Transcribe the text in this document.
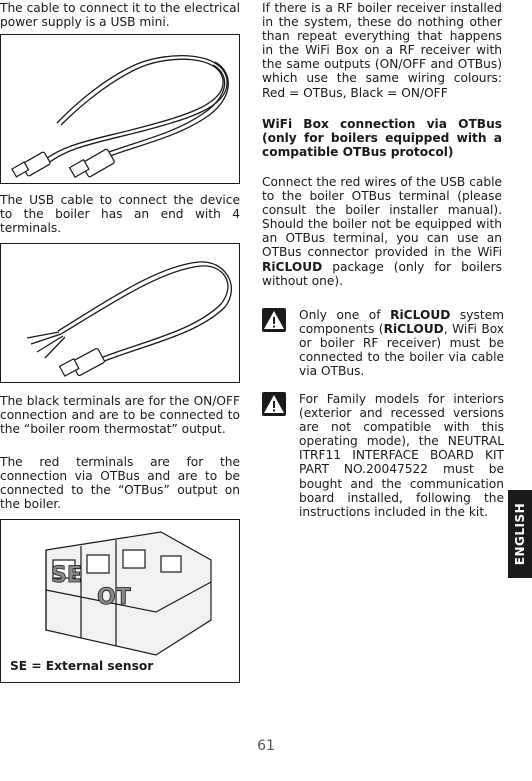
The cable to connect it to the electrical power supply is a USB mini.

The USB cable to connect the device to the boiler has an end with 4 terminals.

The black terminals are for the ON/OFF connection and are to be connected to the “boiler room thermostat” output.

The red terminals are for the connection via OTBus and are to be connected to the “OTBus” output on the boiler.

SE
OT
SE = External sensor

If there is a RF boiler receiver installed in the system, these do nothing other than repeat everything that happens in the WiFi Box on a RF receiver with the same outputs (ON/OFF and OTBus) which use the same wiring colours: Red = OTBus, Black = ON/OFF

WiFi Box connection via OTBus (only for boilers equipped with a compatible OTBus protocol)

Connect the red wires of the USB cable to the boiler OTBus terminal (please consult the boiler installer manual). Should the boiler not be equipped with an OTBus terminal, you can use an OTBus connector provided in the WiFi RiCLOUD package (only for boilers without one).

Only one of RiCLOUD system components (RiCLOUD, WiFi Box or boiler RF receiver) must be connected to the boiler via cable via OTBus.

For Family models for interiors (exterior and recessed versions are not compatible with this operating mode), the NEUTRAL ITRF11 INTERFACE BOARD KIT PART NO.20047522 must be bought and the communication board installed, following the instructions included in the kit.	ENGLISH
61
